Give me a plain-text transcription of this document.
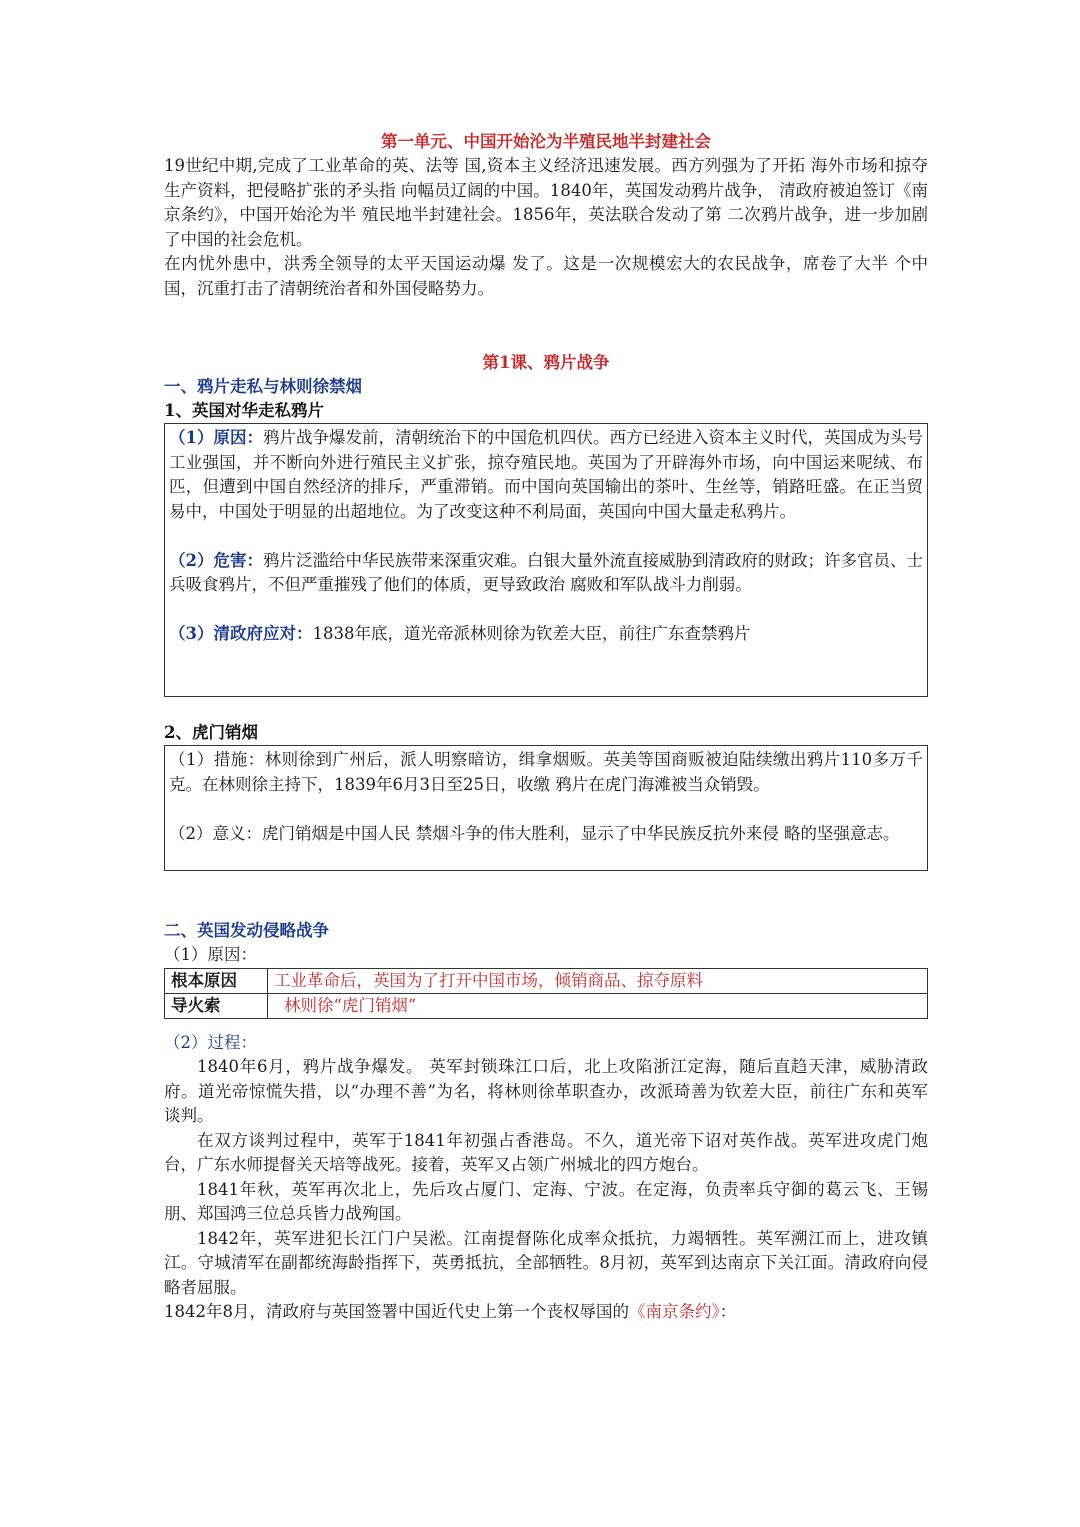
第一单元、中国开始沦为半殖民地半封建社会

19世纪中期,完成了工业革命的英、法等 国,资本主义经济迅速发展。西方列强为了开拓 海外市场和掠夺生产资料，把侵略扩张的矛头指 向幅员辽阔的中国。1840年，英国发动鸦片战争， 清政府被迫签订《南京条约》，中国开始沦为半 殖民地半封建社会。1856年，英法联合发动了第 二次鸦片战争，进一步加剧了中国的社会危机。

在内忧外患中，洪秀全领导的太平天国运动爆 发了。这是一次规模宏大的农民战争，席卷了大半 个中国，沉重打击了清朝统治者和外国侵略势力。

第1课、鸦片战争
一、鸦片走私与林则徐禁烟
1、英国对华走私鸦片

（1）原因：鸦片战争爆发前，清朝统治下的中国危机四伏。西方已经进入资本主义时代，英国成为头号工业强国，并不断向外进行殖民主义扩张，掠夺殖民地。英国为了开辟海外市场，向中国运来呢绒、布匹，但遭到中国自然经济的排斥，严重滞销。而中国向英国输出的茶叶、生丝等，销路旺盛。在正当贸易中，中国处于明显的出超地位。为了改变这种不利局面，英国向中国大量走私鸦片。

（2）危害：鸦片泛滥给中华民族带来深重灾难。白银大量外流直接威胁到清政府的财政；许多官员、士兵吸食鸦片，不但严重摧残了他们的体质，更导致政治 腐败和军队战斗力削弱。

（3）清政府应对：1838年底，道光帝派林则徐为钦差大臣，前往广东查禁鸦片

2、虎门销烟

（1）措施：林则徐到广州后，派人明察暗访，缉拿烟贩。英美等国商贩被迫陆续缴出鸦片110多万千克。在林则徐主持下，1839年6月3日至25日，收缴 鸦片在虎门海滩被当众销毁。

（2）意义：虎门销烟是中国人民 禁烟斗争的伟大胜利，显示了中华民族反抗外来侵 略的坚强意志。

二、英国发动侵略战争
（1）原因：
根本原因	工业革命后，英国为了打开中国市场，倾销商品、掠夺原料
导火索	林则徐“虎门销烟”
（2）过程：

1840年6月，鸦片战争爆发。 英军封锁珠江口后，北上攻陷浙江定海，随后直趋天津，威胁清政府。道光帝惊慌失措，以“办理不善”为名，将林则徐革职查办，改派琦善为钦差大臣，前往广东和英军 谈判。

在双方谈判过程中，英军于1841年初强占香港岛。不久，道光帝下诏对英作战。英军进攻虎门炮台，广东水师提督关天培等战死。接着，英军又占领广州城北的四方炮台。

1841年秋，英军再次北上，先后攻占厦门、定海、宁波。在定海，负责率兵守御的葛云飞、王锡朋、郑国鸿三位总兵皆力战殉国。

1842年，英军进犯长江门户吴淞。江南提督陈化成率众抵抗，力竭牺牲。英军溯江而上，进攻镇江。守城清军在副都统海龄指挥下，英勇抵抗，全部牺牲。8月初，英军到达南京下关江面。清政府向侵略者屈服。

1842年8月，清政府与英国签署中国近代史上第一个丧权辱国的《南京条约》：
